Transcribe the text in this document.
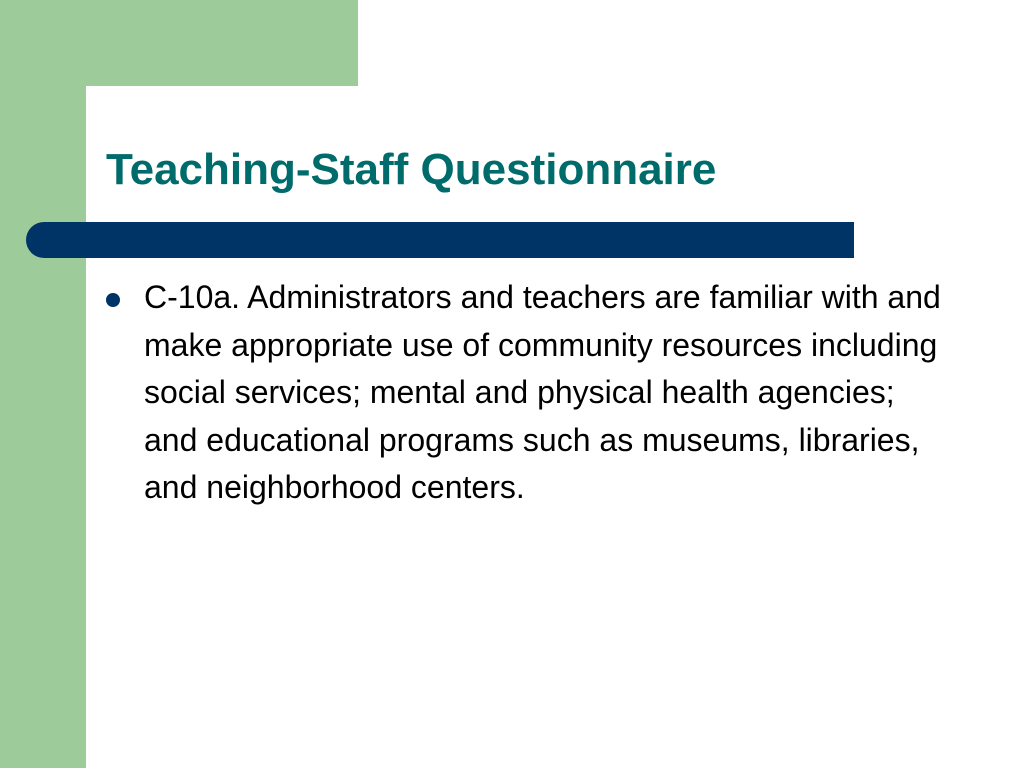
Teaching-Staff Questionnaire
C-10a. Administrators and teachers are familiar with and make appropriate use of community resources including social services; mental and physical health agencies; and educational programs such as museums, libraries, and neighborhood centers.
